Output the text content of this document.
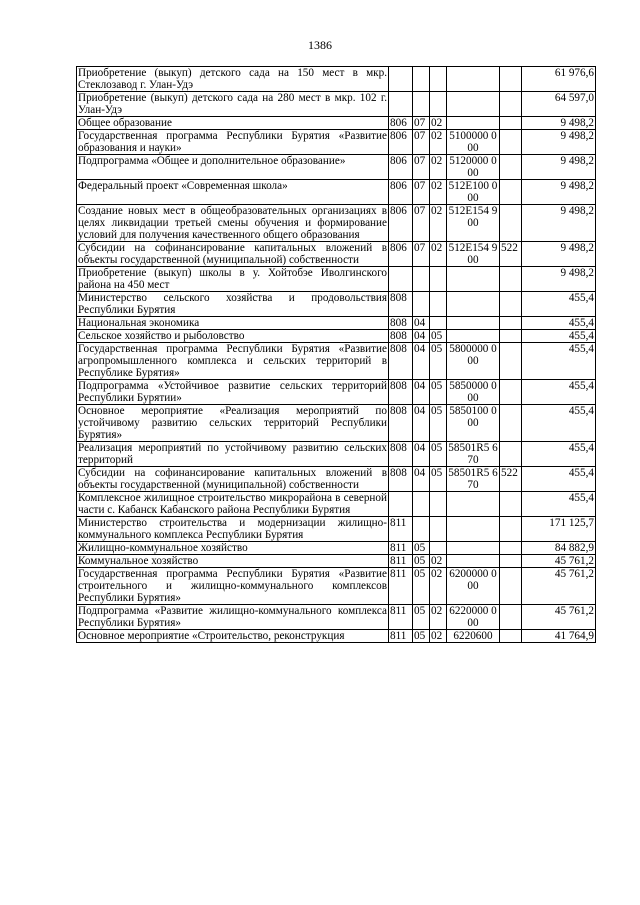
1386
Приобретение (выкуп) детского сада на 150 мест в мкр. Стеклозавод г. Улан-Удэ						61 976,6
Приобретение (выкуп) детского сада на 280 мест в мкр. 102 г. Улан-Удэ						64 597,0
Общее образование	806	07	02			9 498,2
Государственная программа Республики Бурятия «Развитие образования и науки»	806	07	02	5100000 000		9 498,2
Подпрограмма «Общее и дополнительное образование»	806	07	02	5120000 000		9 498,2
Федеральный проект «Современная школа»	806	07	02	512E100 000		9 498,2
Создание новых мест в общеобразовательных организациях в целях ликвидации третьей смены обучения и формирование условий для получения качественного общего образования	806	07	02	512E154 900		9 498,2
Субсидии на софинансирование капитальных вложений в объекты государственной (муниципальной) собственности	806	07	02	512E154 900	522	9 498,2
Приобретение (выкуп) школы в у. Хойтобэе Иволгинского района на 450 мест						9 498,2
Министерство сельского хозяйства и продовольствия Республики Бурятия	808					455,4
Национальная экономика	808	04				455,4
Сельское хозяйство и рыболовство	808	04	05			455,4
Государственная программа Республики Бурятия «Развитие агропромышленного комплекса и сельских территорий в Республике Бурятия»	808	04	05	5800000 000		455,4
Подпрограмма «Устойчивое развитие сельских территорий Республики Бурятии»	808	04	05	5850000 000		455,4
Основное мероприятие «Реализация мероприятий по устойчивому развитию сельских территорий Республики Бурятия»	808	04	05	5850100 000		455,4
Реализация мероприятий по устойчивому развитию сельских территорий	808	04	05	58501R5 670		455,4
Субсидии на софинансирование капитальных вложений в объекты государственной (муниципальной) собственности	808	04	05	58501R5 670	522	455,4
Комплексное жилищное строительство микрорайона в северной части с. Кабанск Кабанского района Республики Бурятия						455,4
Министерство строительства и модернизации жилищно-коммунального комплекса Республики Бурятия	811					171 125,7
Жилищно-коммунальное хозяйство	811	05				84 882,9
Коммунальное хозяйство	811	05	02			45 761,2
Государственная программа Республики Бурятия «Развитие строительного и жилищно-коммунального комплексов Республики Бурятия»	811	05	02	6200000 000		45 761,2
Подпрограмма «Развитие жилищно-коммунального комплекса Республики Бурятия»	811	05	02	6220000 000		45 761,2
Основное мероприятие «Строительство, реконструкция	811	05	02	6220600		41 764,9
